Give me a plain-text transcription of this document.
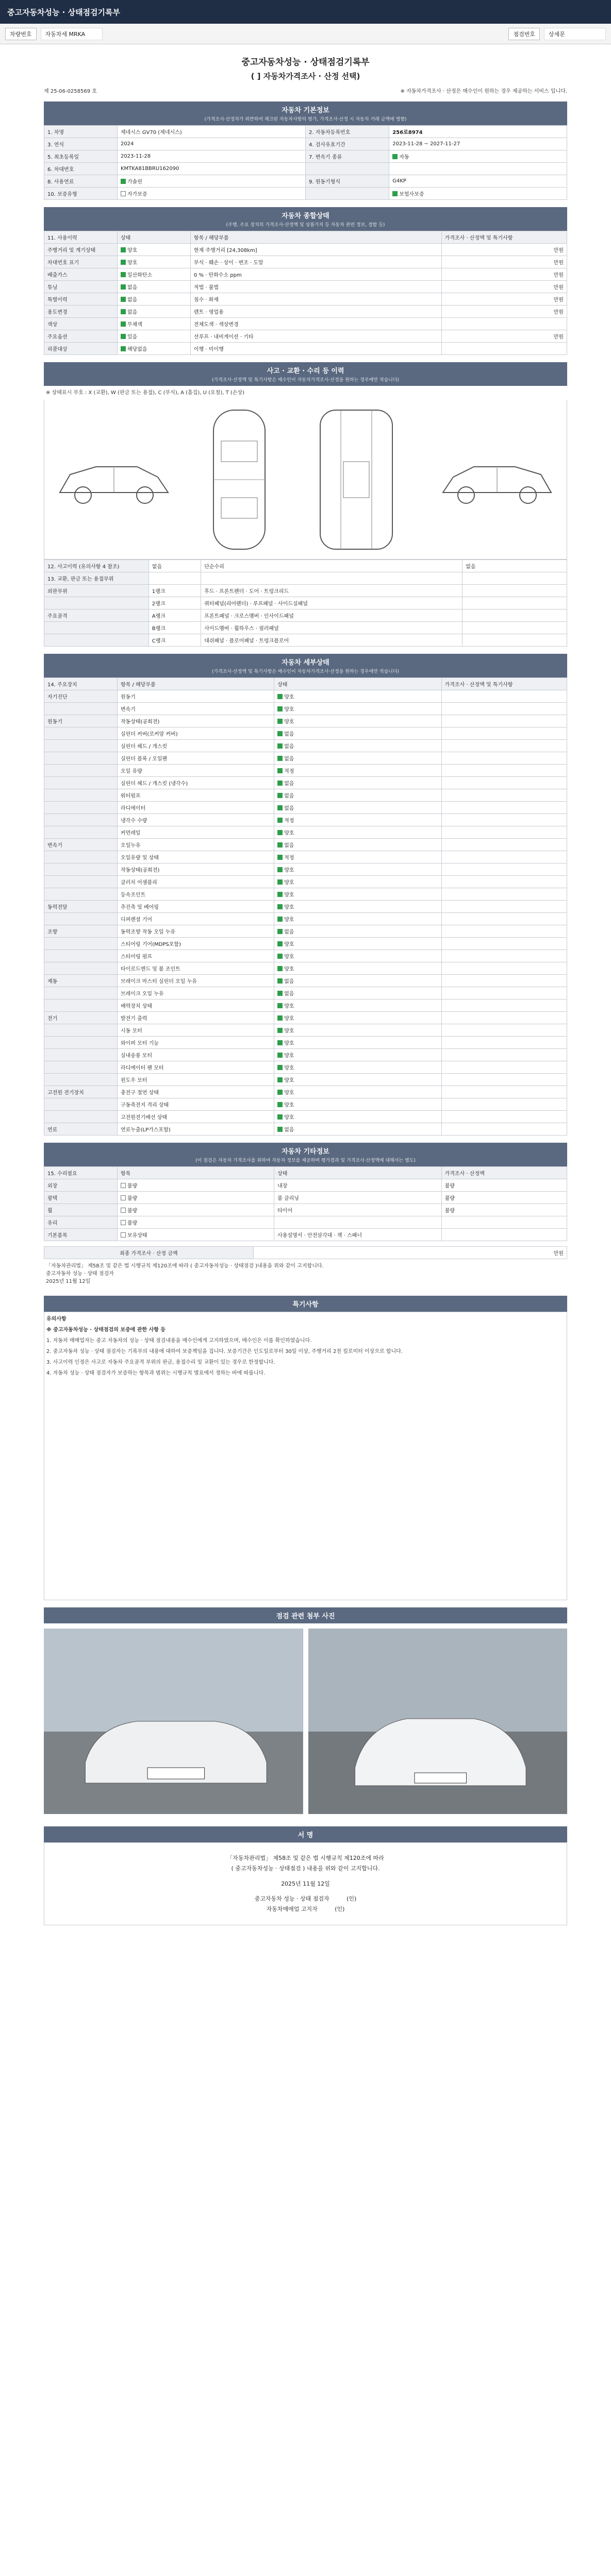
중고자동차성능 · 상태점검기록부
차량번호	자동차세 MRKA	점검번호	상세문
중고자동차성능 · 상태점검기록부
( ] 자동차가격조사 · 산정 선택)
제 25-06-0258569 호	※ 자동차가격조사 · 산정은 매수인이 원하는 경우 제공하는 서비스 입니다.
자동차 기본정보
(가격조사·산정자가 위반하여 체크된 자동차사항의 평가, 가격조사·산정 시 자동차 거래 금액에 영향)
1. 차명	제네시스 GV70 (제네시스)	2. 자동차등록번호	256로8974
3. 연식	2024	4. 검사유효기간	2023-11-28 ~ 2027-11-27
5. 최초등록일	2023-11-28	7. 변속기 종류	자동
6. 차대번호	KMTKA81BBRU162090		
8. 사용연료	가솔린	9. 원동기형식	G4KP
10. 보증유형	자가보증		보험사보증
자동차 종합상태
(주행, 주요 장치의 가격조사·산정액 및 상품가치 등 자동차 관련 정보, 결함 등)
11. 사용이력	상태	항목 / 해당부품	가격조사 · 산정액 및 특기사항
주행거리 및 계기상태	양호	현재 주행거리 [24,308km]	만원
차대번호 표기	양호	부식 · 훼손 · 상이 · 변조 · 도말	만원
배출가스	일산화탄소	0 % · 탄화수소 ppm	만원
튜닝	없음	적법 · 불법	만원
특별이력	없음	침수 · 화재	만원
용도변경	없음	렌트 · 영업용	만원
색상	무채색	전체도색 · 색상변경	
주요옵션	있음	선루프 · 내비게이션 · 기타	만원
리콜대상	해당없음	이행 · 미이행	
사고 · 교환 · 수리 등 이력
(가격조사·산정액 및 특기사항은 매수인이 자동차가격조사·산정을 원하는 경우에만 적습니다)
※ 상태표시 부호 : X (교환), W (판금 또는 용접), C (부식), A (흠집), U (요철), T (손상)
12. 사고이력 (유의사항 4 참조)	없음	단순수리	없음
13. 교환, 판금 또는 용접부위			
외판부위	1랭크	후드 · 프론트펜더 · 도어 · 트렁크리드	
	2랭크	쿼터패널(리어펜더) · 루프패널 · 사이드실패널	
주요골격	A랭크	프론트패널 · 크로스멤버 · 인사이드패널	
	B랭크	사이드멤버 · 휠하우스 · 필러패널	
	C랭크	대쉬패널 · 플로어패널 · 트렁크플로어	
자동차 세부상태
(가격조사·산정액 및 특기사항은 매수인이 자동차가격조사·산정을 원하는 경우에만 적습니다)
14. 주요장치	항목 / 해당부품	상태	가격조사 · 산정액 및 특기사항
자기진단	원동기	양호	
	변속기	양호	
원동기	작동상태(공회전)	양호	
	실린더 커버(로커암 커버)	없음	
	실린더 헤드 / 개스킷	없음	
	실린더 블록 / 오일팬	없음	
	오일 유량	적정	
	실린더 헤드 / 개스킷 (냉각수)	없음	
	워터펌프	없음	
	라디에이터	없음	
	냉각수 수량	적정	
	커먼레일	양호	
변속기	오일누유	없음	
	오일유량 및 상태	적정	
	작동상태(공회전)	양호	
	클러치 어셈블리	양호	
	등속조인트	양호	
동력전달	추진축 및 베어링	양호	
	디퍼렌셜 기어	양호	
조향	동력조향 작동 오일 누유	없음	
	스티어링 기어(MDPS포함)	양호	
	스티어링 펌프	양호	
	타이로드엔드 및 볼 조인트	양호	
제동	브레이크 마스터 실린더 오일 누유	없음	
	브레이크 오일 누유	없음	
	배력장치 상태	양호	
전기	발전기 출력	양호	
	시동 모터	양호	
	와이퍼 모터 기능	양호	
	실내송풍 모터	양호	
	라디에이터 팬 모터	양호	
	윈도우 모터	양호	
고전원 전기장치	충전구 절연 상태	양호	
	구동축전지 격리 상태	양호	
	고전원전기배선 상태	양호	
연료	연료누출(LP가스포함)	없음	
자동차 기타정보
(이 점검은 자동차 가격조사를 위하여 자동차 정보를 제공하며 평가결과 및 가격조사·산정액에 대해서는 별도)
15. 수리필요	항목	상태	가격조사 · 산정액
외장	불량	내장	불량
광택	불량	룸 클리닝	불량
휠	불량	타이어	불량
유리	불량		
기본품목	보유상태	사용설명서 · 안전삼각대 · 잭 · 스패너	
최종 가격조사 · 산정 금액	만원
「자동차관리법」 제58조 및 같은 법 시행규칙 제120조에 따라 ( 중고자동차성능 · 상태점검 )내용을 위와 같이 고지합니다.
중고자동차 성능 · 상태 점검자
2025년 11월 12일
특기사항
유의사항

※ 중고자동차성능 · 상태점검의 보증에 관한 사항 등

1. 자동차 매매업자는 중고 자동차의 성능 · 상태 점검내용을 매수인에게 고지하였으며, 매수인은 이를 확인하였습니다.

2. 중고자동차 성능 · 상태 점검자는 기록부의 내용에 대하여 보증책임을 집니다. 보증기간은 인도일로부터 30일 이상, 주행거리 2천 킬로미터 이상으로 합니다.

3. 사고이력 인정은 사고로 자동차 주요골격 부위의 판금, 용접수리 및 교환이 있는 경우로 한정합니다.

4. 자동차 성능 · 상태 점검자가 보증하는 항목과 범위는 시행규칙 별표에서 정하는 바에 따릅니다.

점검 관련 첨부 사진
서 명
「자동차관리법」 제58조 및 같은 법 시행규칙 제120조에 따라
( 중고자동차성능 · 상태점검 ) 내용을 위와 같이 고지합니다.
2025년 11월 12일
중고자동차 성능 · 상태 점검자	(인)
자동차매매업 고지자	(인)
